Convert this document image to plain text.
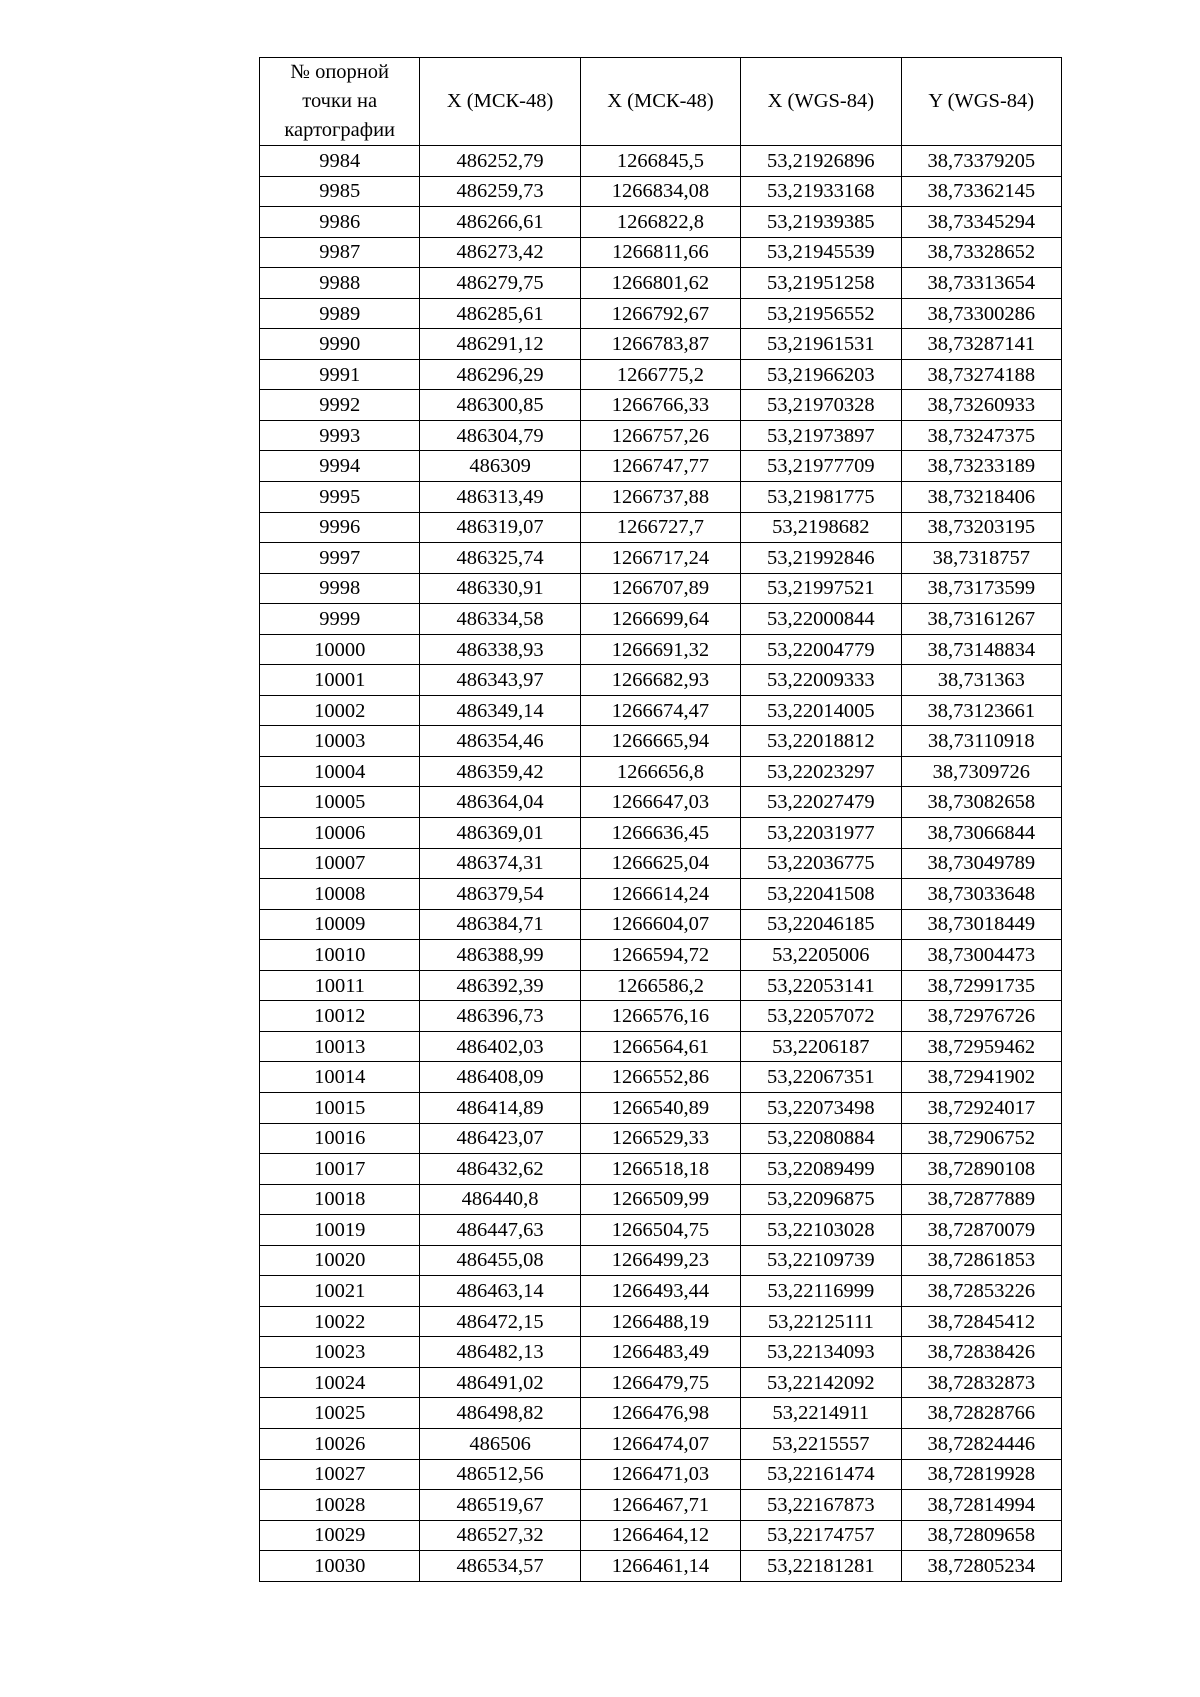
№ опорной точки на картографии	X (МСК-48)	X (МСК-48)	X (WGS-84)	Y (WGS-84)
9984	486252,79	1266845,5	53,21926896	38,73379205
9985	486259,73	1266834,08	53,21933168	38,73362145
9986	486266,61	1266822,8	53,21939385	38,73345294
9987	486273,42	1266811,66	53,21945539	38,73328652
9988	486279,75	1266801,62	53,21951258	38,73313654
9989	486285,61	1266792,67	53,21956552	38,73300286
9990	486291,12	1266783,87	53,21961531	38,73287141
9991	486296,29	1266775,2	53,21966203	38,73274188
9992	486300,85	1266766,33	53,21970328	38,73260933
9993	486304,79	1266757,26	53,21973897	38,73247375
9994	486309	1266747,77	53,21977709	38,73233189
9995	486313,49	1266737,88	53,21981775	38,73218406
9996	486319,07	1266727,7	53,2198682	38,73203195
9997	486325,74	1266717,24	53,21992846	38,7318757
9998	486330,91	1266707,89	53,21997521	38,73173599
9999	486334,58	1266699,64	53,22000844	38,73161267
10000	486338,93	1266691,32	53,22004779	38,73148834
10001	486343,97	1266682,93	53,22009333	38,731363
10002	486349,14	1266674,47	53,22014005	38,73123661
10003	486354,46	1266665,94	53,22018812	38,73110918
10004	486359,42	1266656,8	53,22023297	38,7309726
10005	486364,04	1266647,03	53,22027479	38,73082658
10006	486369,01	1266636,45	53,22031977	38,73066844
10007	486374,31	1266625,04	53,22036775	38,73049789
10008	486379,54	1266614,24	53,22041508	38,73033648
10009	486384,71	1266604,07	53,22046185	38,73018449
10010	486388,99	1266594,72	53,2205006	38,73004473
10011	486392,39	1266586,2	53,22053141	38,72991735
10012	486396,73	1266576,16	53,22057072	38,72976726
10013	486402,03	1266564,61	53,2206187	38,72959462
10014	486408,09	1266552,86	53,22067351	38,72941902
10015	486414,89	1266540,89	53,22073498	38,72924017
10016	486423,07	1266529,33	53,22080884	38,72906752
10017	486432,62	1266518,18	53,22089499	38,72890108
10018	486440,8	1266509,99	53,22096875	38,72877889
10019	486447,63	1266504,75	53,22103028	38,72870079
10020	486455,08	1266499,23	53,22109739	38,72861853
10021	486463,14	1266493,44	53,22116999	38,72853226
10022	486472,15	1266488,19	53,22125111	38,72845412
10023	486482,13	1266483,49	53,22134093	38,72838426
10024	486491,02	1266479,75	53,22142092	38,72832873
10025	486498,82	1266476,98	53,2214911	38,72828766
10026	486506	1266474,07	53,2215557	38,72824446
10027	486512,56	1266471,03	53,22161474	38,72819928
10028	486519,67	1266467,71	53,22167873	38,72814994
10029	486527,32	1266464,12	53,22174757	38,72809658
10030	486534,57	1266461,14	53,22181281	38,72805234
